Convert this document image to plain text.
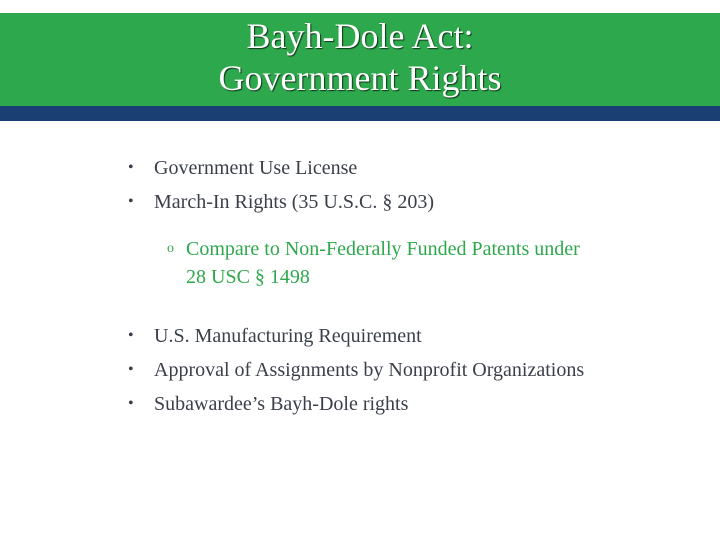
Bayh-Dole Act:
Government Rights
• Government Use License
• March-In Rights (35 U.S.C. § 203)
o Compare to Non-Federally Funded Patents under
28 USC § 1498
• U.S. Manufacturing Requirement
• Approval of Assignments by Nonprofit Organizations
• Subawardee’s Bayh-Dole rights
